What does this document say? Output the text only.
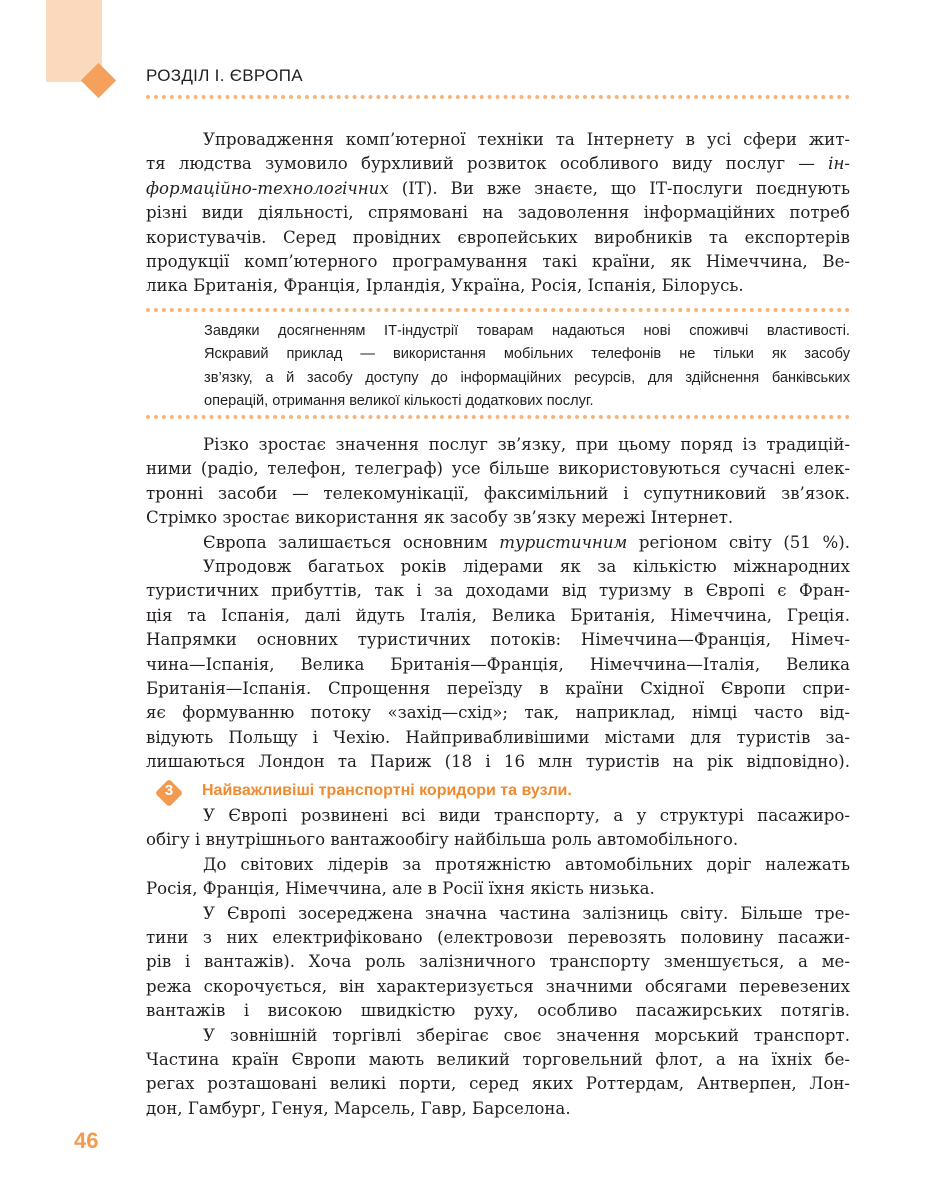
РОЗДІЛ І. ЄВРОПА
Упровадження комп’ютерної техніки та Інтернету в усі сфери жит-
тя людства зумовило бурхливий розвиток особливого виду послуг — ін-
формаційно-технологічних (ІТ). Ви вже знаєте, що ІТ-послуги поєднують
різні види діяльності, спрямовані на задоволення інформаційних потреб
користувачів. Серед провідних європейських виробників та експортерів
продукції комп’ютерного програмування такі країни, як Німеччина, Ве-
лика Британія, Франція, Ірландія, Україна, Росія, Іспанія, Білорусь.
Завдяки досягненням ІТ-індустрії товарам надаються нові споживчі властивості.
Яскравий приклад — використання мобільних телефонів не тільки як засобу
зв’язку, а й засобу доступу до інформаційних ресурсів, для здійснення банківських
операцій, отримання великої кількості додаткових послуг.
Різко зростає значення послуг зв’язку, при цьому поряд із традицій-
ними (радіо, телефон, телеграф) усе більше використовуються сучасні елек-
тронні засоби — телекомунікації, факсимільний і супутниковий зв’язок.
Стрімко зростає використання як засобу зв’язку мережі Інтернет.
Європа залишається основним туристичним регіоном світу (51 %).
Упродовж багатьох років лідерами як за кількістю міжнародних
туристичних прибуттів, так і за доходами від туризму в Європі є Фран-
ція та Іспанія, далі йдуть Італія, Велика Британія, Німеччина, Греція.
Напрямки основних туристичних потоків: Німеччина—Франція, Німеч-
чина—Іспанія, Велика Британія—Франція, Німеччина—Італія, Велика
Британія—Іспанія. Спрощення переїзду в країни Східної Європи спри-
яє формуванню потоку «захід—схід»; так, наприклад, німці часто від-
відують Польщу і Чехію. Найпривабливішими містами для туристів за-
лишаються Лондон та Париж (18 і 16 млн туристів на рік відповідно).
3	Найважливіші транспортні коридори та вузли.
У Європі розвинені всі види транспорту, а у структурі пасажиро-
обігу і внутрішнього вантажообігу найбільша роль автомобільного.
До світових лідерів за протяжністю автомобільних доріг належать
Росія, Франція, Німеччина, але в Росії їхня якість низька.
У Європі зосереджена значна частина залізниць світу. Більше тре-
тини з них електрифіковано (електровози перевозять половину пасажи-
рів і вантажів). Хоча роль залізничного транспорту зменшується, а ме-
режа скорочується, він характеризується значними обсягами перевезених
вантажів і високою швидкістю руху, особливо пасажирських потягів.
У зовнішній торгівлі зберігає своє значення морський транспорт.
Частина країн Європи мають великий торговельний флот, а на їхніх бе-
регах розташовані великі порти, серед яких Роттердам, Антверпен, Лон-
дон, Гамбург, Генуя, Марсель, Гавр, Барселона.
46
